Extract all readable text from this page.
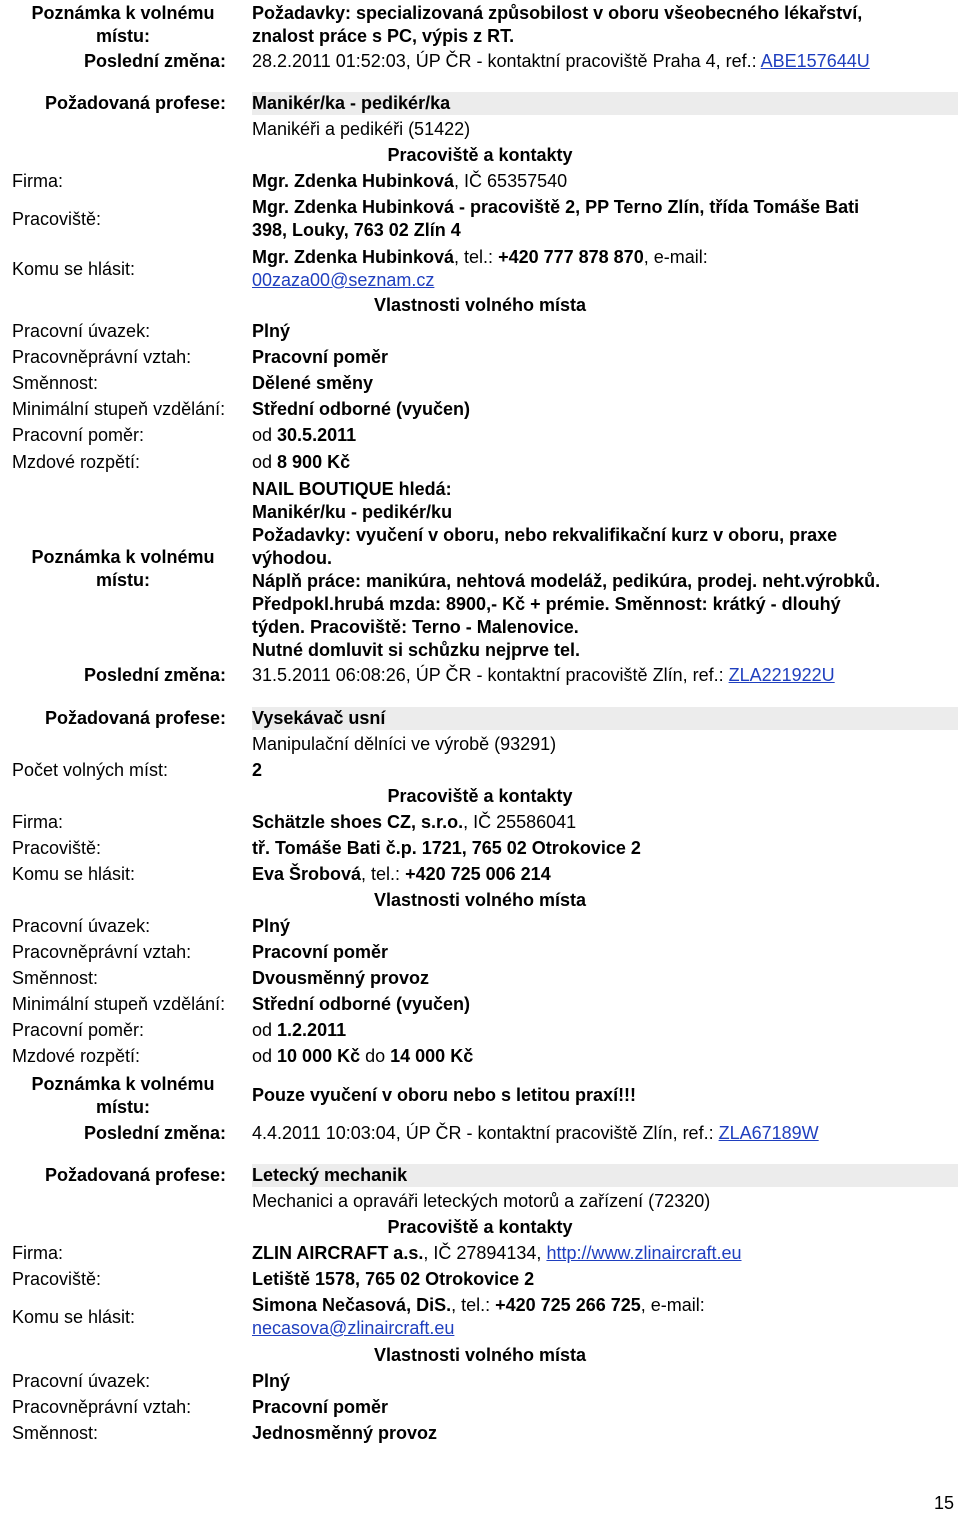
Poznámka k volnému
místu:
Požadavky: specializovaná způsobilost v oboru všeobecného lékařství,
znalost práce s PC, výpis z RT.
Poslední změna: 28.2.2011 01:52:03, ÚP ČR - kontaktní pracoviště Praha 4, ref.: ABE157644U
Požadovaná profese: Manikér/ka - pedikér/ka
Manikéři a pedikéři (51422)
Pracoviště a kontakty
Firma:	Mgr. Zdenka Hubinková, IČ 65357540
Pracoviště:
Mgr. Zdenka Hubinková - pracoviště 2, PP Terno Zlín, třída Tomáše Bati
398, Louky, 763 02 Zlín 4
Komu se hlásit:
Mgr. Zdenka Hubinková, tel.: +420 777 878 870, e-mail:
00zaza00@seznam.cz
Vlastnosti volného místa
Pracovní úvazek:	Plný
Pracovněprávní vztah:	Pracovní poměr
Směnnost:	Dělené směny
Minimální stupeň vzdělání: Střední odborné (vyučen)
Pracovní poměr:	od 30.5.2011
Mzdové rozpětí:	od 8 900 Kč
Poznámka k volnému
místu:
NAIL BOUTIQUE hledá:
Manikér/ku - pedikér/ku
Požadavky: vyučení v oboru, nebo rekvalifikační kurz v oboru, praxe
výhodou.
Náplň práce: manikúra, nehtová modeláž, pedikúra, prodej. neht.výrobků.
Předpokl.hrubá mzda: 8900,- Kč + prémie. Směnnost: krátký - dlouhý
týden. Pracoviště: Terno - Malenovice.
Nutné domluvit si schůzku nejprve tel.
Poslední změna: 31.5.2011 06:08:26, ÚP ČR - kontaktní pracoviště Zlín, ref.: ZLA221922U
Požadovaná profese: Vysekávač usní
Manipulační dělníci ve výrobě (93291)
Počet volných míst:	2
Pracoviště a kontakty
Firma:	Schätzle shoes CZ, s.r.o., IČ 25586041
Pracoviště:	tř. Tomáše Bati č.p. 1721, 765 02 Otrokovice 2
Komu se hlásit:	Eva Šrobová, tel.: +420 725 006 214
Vlastnosti volného místa
Pracovní úvazek:	Plný
Pracovněprávní vztah:	Pracovní poměr
Směnnost:	Dvousměnný provoz
Minimální stupeň vzdělání: Střední odborné (vyučen)
Pracovní poměr:	od 1.2.2011
Mzdové rozpětí:	od 10 000 Kč do 14 000 Kč
Poznámka k volnému
místu:
Pouze vyučení v oboru nebo s letitou praxí!!!
Poslední změna: 4.4.2011 10:03:04, ÚP ČR - kontaktní pracoviště Zlín, ref.: ZLA67189W
Požadovaná profese: Letecký mechanik
Mechanici a opraváři leteckých motorů a zařízení (72320)
Pracoviště a kontakty
Firma:	ZLIN AIRCRAFT a.s., IČ 27894134, http://www.zlinaircraft.eu
Pracoviště:	Letiště 1578, 765 02 Otrokovice 2
Komu se hlásit:
Simona Nečasová, DiS., tel.: +420 725 266 725, e-mail:
necasova@zlinaircraft.eu
Vlastnosti volného místa
Pracovní úvazek:	Plný
Pracovněprávní vztah:	Pracovní poměr
Směnnost:	Jednosměnný provoz
15
